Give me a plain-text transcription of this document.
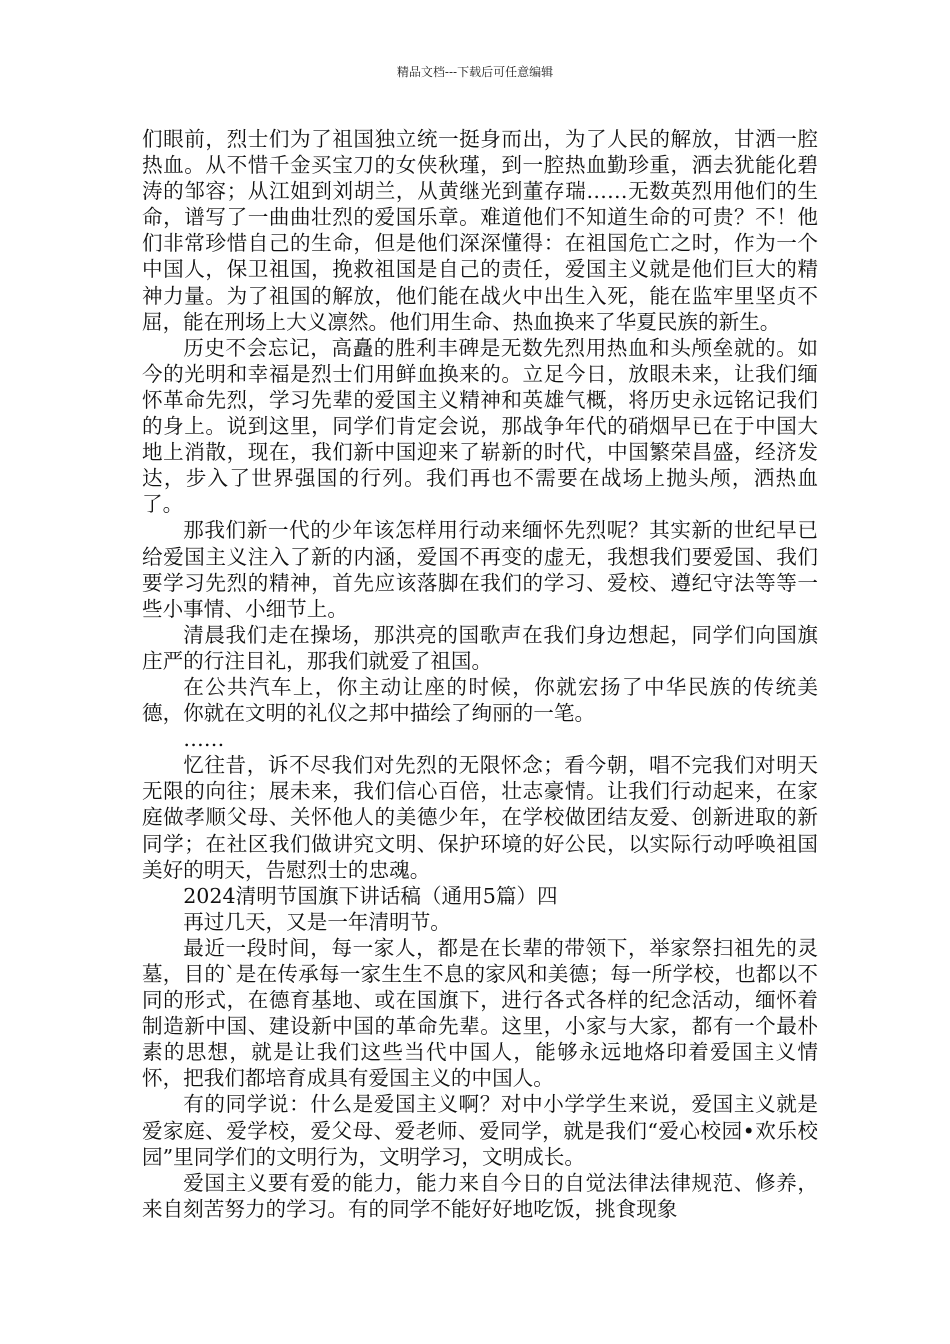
精品文档---下载后可任意编辑

们眼前，烈士们为了祖国独立统一挺身而出，为了人民的解放，甘洒一腔热血。从不惜千金买宝刀的女侠秋瑾，到一腔热血勤珍重，洒去犹能化碧涛的邹容；从江姐到刘胡兰，从黄继光到董存瑞……无数英烈用他们的生命，谱写了一曲曲壮烈的爱国乐章。难道他们不知道生命的可贵？不！他们非常珍惜自己的生命，但是他们深深懂得：在祖国危亡之时，作为一个中国人，保卫祖国，挽救祖国是自己的责任，爱国主义就是他们巨大的精神力量。为了祖国的解放，他们能在战火中出生入死，能在监牢里坚贞不屈，能在刑场上大义凛然。他们用生命、热血换来了华夏民族的新生。

历史不会忘记，高矗的胜利丰碑是无数先烈用热血和头颅垒就的。如今的光明和幸福是烈士们用鲜血换来的。立足今日，放眼未来，让我们缅怀革命先烈，学习先辈的爱国主义精神和英雄气概，将历史永远铭记我们的身上。说到这里，同学们肯定会说，那战争年代的硝烟早已在于中国大地上消散，现在，我们新中国迎来了崭新的时代，中国繁荣昌盛，经济发达，步入了世界强国的行列。我们再也不需要在战场上抛头颅，洒热血了。

那我们新一代的少年该怎样用行动来缅怀先烈呢？其实新的世纪早已给爱国主义注入了新的内涵，爱国不再变的虚无，我想我们要爱国、我们要学习先烈的精神，首先应该落脚在我们的学习、爱校、遵纪守法等等一些小事情、小细节上。

清晨我们走在操场，那洪亮的国歌声在我们身边想起，同学们向国旗庄严的行注目礼，那我们就爱了祖国。

在公共汽车上，你主动让座的时候，你就宏扬了中华民族的传统美德，你就在文明的礼仪之邦中描绘了绚丽的一笔。

……

忆往昔，诉不尽我们对先烈的无限怀念；看今朝，唱不完我们对明天无限的向往；展未来，我们信心百倍，壮志豪情。让我们行动起来，在家庭做孝顺父母、关怀他人的美德少年，在学校做团结友爱、创新进取的新同学；在社区我们做讲究文明、保护环境的好公民，以实际行动呼唤祖国美好的明天，告慰烈士的忠魂。

2024清明节国旗下讲话稿（通用5篇）四

再过几天，又是一年清明节。

最近一段时间，每一家人，都是在长辈的带领下，举家祭扫祖先的灵墓，目的`是在传承每一家生生不息的家风和美德；每一所学校，也都以不同的形式，在德育基地、或在国旗下，进行各式各样的纪念活动，缅怀着制造新中国、建设新中国的革命先辈。这里，小家与大家，都有一个最朴素的思想，就是让我们这些当代中国人，能够永远地烙印着爱国主义情怀，把我们都培育成具有爱国主义的中国人。

有的同学说：什么是爱国主义啊？对中小学学生来说，爱国主义就是爱家庭、爱学校，爱父母、爱老师、爱同学，就是我们“爱心校园•欢乐校园”里同学们的文明行为，文明学习，文明成长。

爱国主义要有爱的能力，能力来自今日的自觉法律法律规范、修养，来自刻苦努力的学习。有的同学不能好好地吃饭，挑食现象
